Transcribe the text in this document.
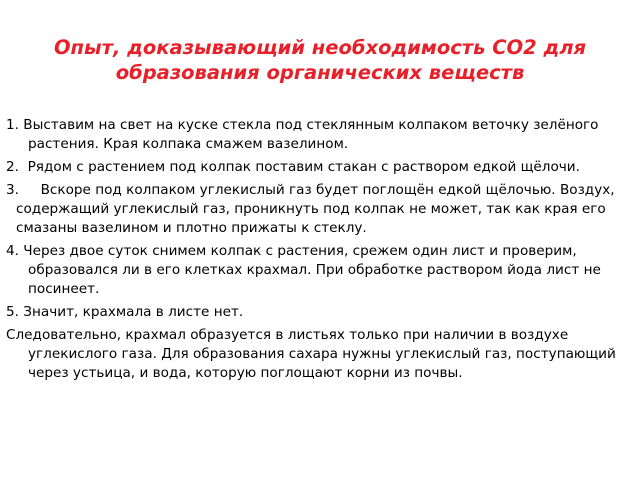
Опыт, доказывающий необходимость СО2 для образования органических веществ

1. Выставим на свет на куске стекла под стеклянным колпаком веточку зелёного растения. Края колпака смажем вазелином.

2.  Рядом с растением под колпак поставим стакан с раствором едкой щёлочи.

3.     Вскоре под колпаком углекислый газ будет поглощён едкой щёлочью. Воздух, содержащий углекислый газ, проникнуть под колпак не может, так как края его смазаны вазелином и плотно прижаты к стеклу.

4. Через двое суток снимем колпак с растения, срежем один лист и проверим, образовался ли в его клетках крахмал. При обработке раствором йода лист не посинеет.

5. Значит, крахмала в листе нет.

Следовательно, крахмал образуется в листьях только при наличии в воздухе углекислого газа. Для образования сахара нужны углекислый газ, поступающий через устьица, и вода, которую поглощают корни из почвы.
